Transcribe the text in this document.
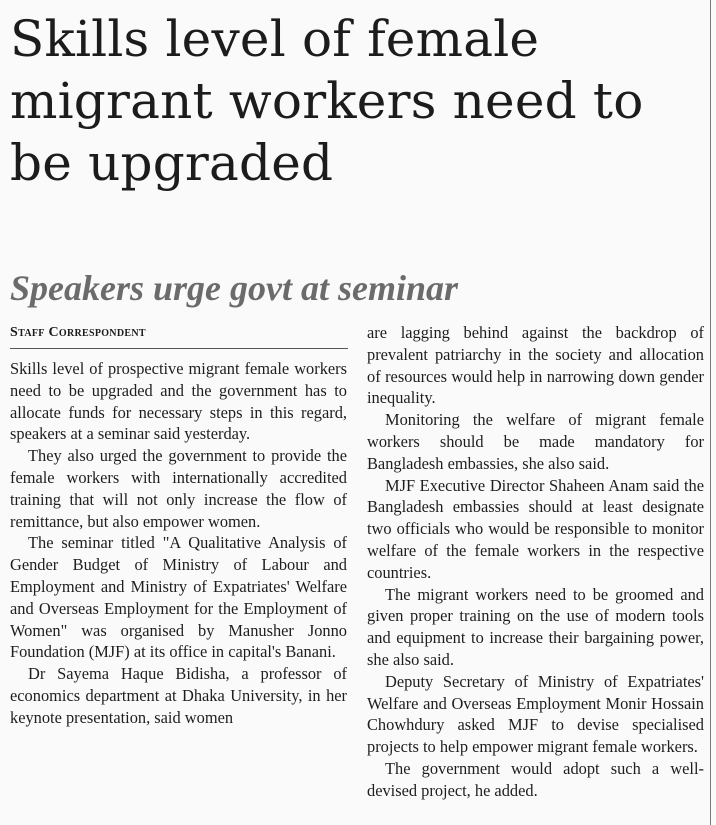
Skills level of female migrant workers need to be upgraded
Speakers urge govt at seminar
Staff Correspondent

Skills level of prospective migrant female workers need to be upgraded and the government has to allocate funds for necessary steps in this regard, speakers at a seminar said yesterday.

They also urged the government to provide the female workers with internationally accredited training that will not only increase the flow of remittance, but also empower women.

The seminar titled "A Qualitative Analysis of Gender Budget of Ministry of Labour and Employment and Ministry of Expatriates' Welfare and Overseas Employment for the Employment of Women" was organised by Manusher Jonno Foundation (MJF) at its office in capital's Banani.

Dr Sayema Haque Bidisha, a professor of economics department at Dhaka University, in her keynote presentation, said women

are lagging behind against the backdrop of prevalent patriarchy in the society and allocation of resources would help in narrowing down gender inequality.

Monitoring the welfare of migrant female workers should be made mandatory for Bangladesh embassies, she also said.

MJF Executive Director Shaheen Anam said the Bangladesh embassies should at least designate two officials who would be responsible to monitor welfare of the female workers in the respective countries.

The migrant workers need to be groomed and given proper training on the use of modern tools and equipment to increase their bargaining power, she also said.

Deputy Secretary of Ministry of Expatriates' Welfare and Overseas Employment Monir Hossain Chowhdury asked MJF to devise specialised projects to help empower migrant female workers.

The government would adopt such a well-devised project, he added.
